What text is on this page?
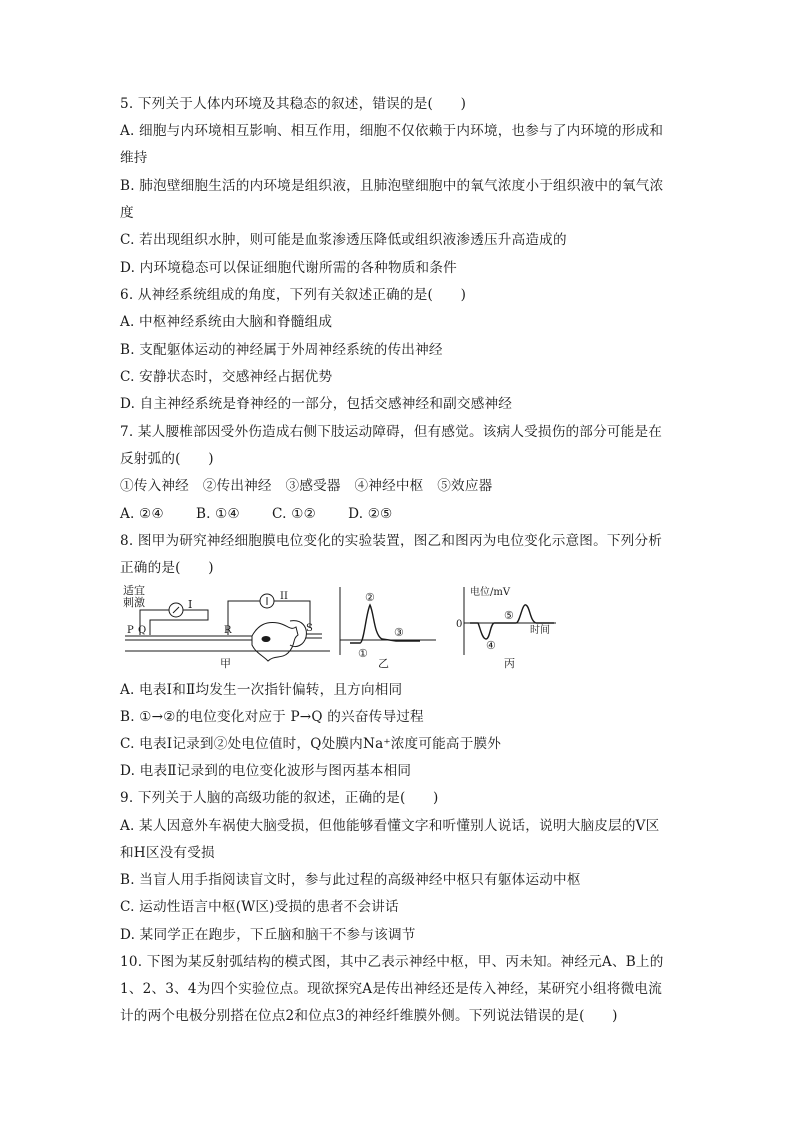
5. 下列关于人体内环境及其稳态的叙述，错误的是(　　)
A. 细胞与内环境相互影响、相互作用，细胞不仅依赖于内环境，也参与了内环境的形成和
维持
B. 肺泡壁细胞生活的内环境是组织液，且肺泡壁细胞中的氧气浓度小于组织液中的氧气浓
度
C. 若出现组织水肿，则可能是血浆渗透压降低或组织液渗透压升高造成的
D. 内环境稳态可以保证细胞代谢所需的各种物质和条件
6. 从神经系统组成的角度，下列有关叙述正确的是(　　)
A. 中枢神经系统由大脑和脊髓组成
B. 支配躯体运动的神经属于外周神经系统的传出神经
C. 安静状态时，交感神经占据优势
D. 自主神经系统是脊神经的一部分，包括交感神经和副交感神经
7. 某人腰椎部因受外伤造成右侧下肢运动障碍，但有感觉。该病人受损伤的部分可能是在
反射弧的(　　)
①传入神经　②传出神经　③感受器　④神经中枢　⑤效应器
A. ②④　　 B. ①④　　 C. ①②　　 D. ②⑤
8. 图甲为研究神经细胞膜电位变化的实验装置，图乙和图丙为电位变化示意图。下列分析
正确的是(　　)
适宜
刺激	I
II
P Q	R	S
甲
①
②
③
乙
电位/mV
0
时间
④
⑤
丙
A. 电表Ⅰ和Ⅱ均发生一次指针偏转，且方向相同
B. ①→②的电位变化对应于 P→Q 的兴奋传导过程
C. 电表Ⅰ记录到②处电位值时，Q处膜内Na⁺浓度可能高于膜外
D. 电表Ⅱ记录到的电位变化波形与图丙基本相同
9. 下列关于人脑的高级功能的叙述，正确的是(　　)
A. 某人因意外车祸使大脑受损，但他能够看懂文字和听懂别人说话，说明大脑皮层的V区
和H区没有受损
B. 当盲人用手指阅读盲文时，参与此过程的高级神经中枢只有躯体运动中枢
C. 运动性语言中枢(W区)受损的患者不会讲话
D. 某同学正在跑步，下丘脑和脑干不参与该调节
10. 下图为某反射弧结构的模式图，其中乙表示神经中枢，甲、丙未知。神经元A、B上的
1、2、3、4为四个实验位点。现欲探究A是传出神经还是传入神经，某研究小组将微电流
计的两个电极分别搭在位点2和位点3的神经纤维膜外侧。下列说法错误的是(　　)
